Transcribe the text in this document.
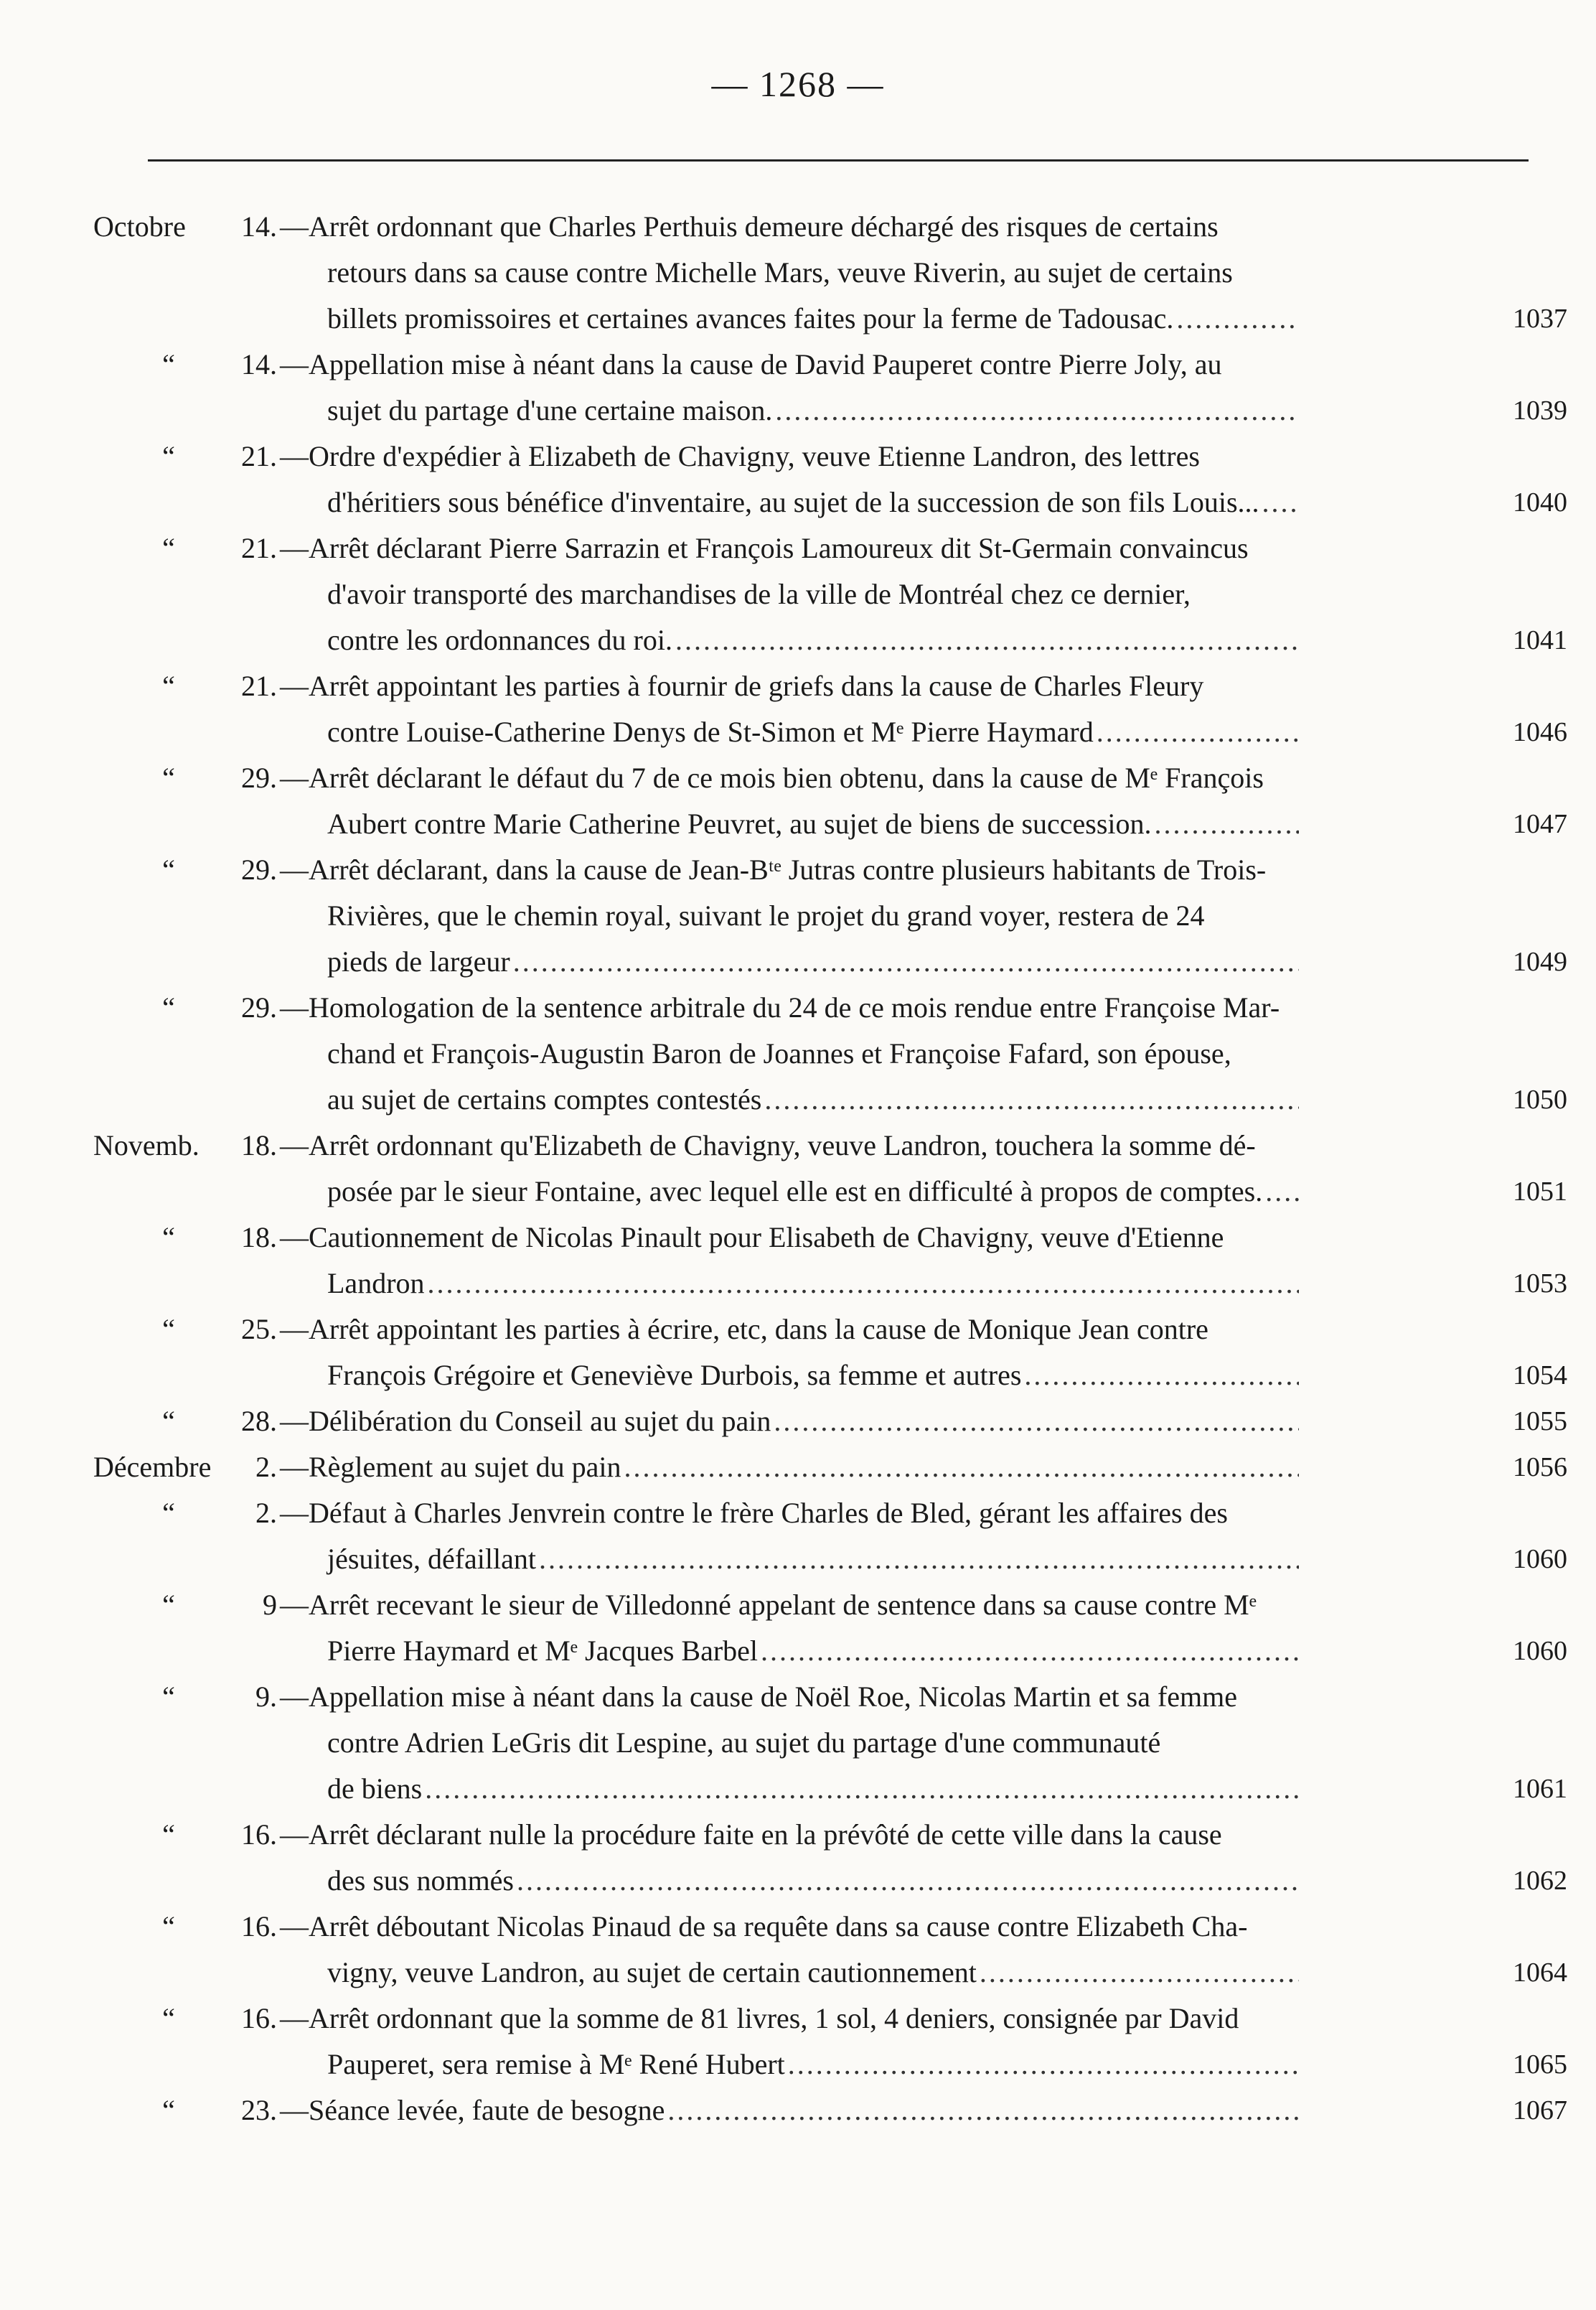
— 1268 —
Octobre	14. —Arrêt ordonnant que Charles Perthuis demeure déchargé des risques de certains
retours dans sa cause contre Michelle Mars, veuve Riverin, au sujet de certains
billets promissoires et certaines avances faites pour la ferme de Tadousac. .....	1037
“	14. —Appellation mise à néant dans la cause de David Pauperet contre Pierre Joly, au
sujet du partage d'une certaine maison. .....	1039
“	21. —Ordre d'expédier à Elizabeth de Chavigny, veuve Etienne Landron, des lettres
d'héritiers sous bénéfice d'inventaire, au sujet de la succession de son fils Louis... .....	1040
“	21. —Arrêt déclarant Pierre Sarrazin et François Lamoureux dit St-Germain convaincus
d'avoir transporté des marchandises de la ville de Montréal chez ce dernier,
contre les ordonnances du roi. .....	1041
“	21. —Arrêt appointant les parties à fournir de griefs dans la cause de Charles Fleury
contre Louise-Catherine Denys de St-Simon et Mᵉ Pierre Haymard .....	1046
“	29. —Arrêt déclarant le défaut du 7 de ce mois bien obtenu, dans la cause de Mᵉ François
Aubert contre Marie Catherine Peuvret, au sujet de biens de succession. .....	1047
“	29. —Arrêt déclarant, dans la cause de Jean-Bᵗᵉ Jutras contre plusieurs habitants de Trois-
Rivières, que le chemin royal, suivant le projet du grand voyer, restera de 24
pieds de largeur .....	1049
“	29. —Homologation de la sentence arbitrale du 24 de ce mois rendue entre Françoise Mar-
chand et François-Augustin Baron de Joannes et Françoise Fafard, son épouse,
au sujet de certains comptes contestés .....	1050
Novemb.	18. —Arrêt ordonnant qu'Elizabeth de Chavigny, veuve Landron, touchera la somme dé-
posée par le sieur Fontaine, avec lequel elle est en difficulté à propos de comptes. .....	1051
“	18. —Cautionnement de Nicolas Pinault pour Elisabeth de Chavigny, veuve d'Etienne
Landron .....	1053
“	25. —Arrêt appointant les parties à écrire, etc, dans la cause de Monique Jean contre
François Grégoire et Geneviève Durbois, sa femme et autres .....	1054
“	28. —Délibération du Conseil au sujet du pain .....	1055
Décembre	2. —Règlement au sujet du pain .....	1056
“	2. —Défaut à Charles Jenvrein contre le frère Charles de Bled, gérant les affaires des
jésuites, défaillant .....	1060
“	9 —Arrêt recevant le sieur de Villedonné appelant de sentence dans sa cause contre Mᵉ
Pierre Haymard et Mᵉ Jacques Barbel .....	1060
“	9. —Appellation mise à néant dans la cause de Noël Roe, Nicolas Martin et sa femme
contre Adrien LeGris dit Lespine, au sujet du partage d'une communauté
de biens .....	1061
“	16. —Arrêt déclarant nulle la procédure faite en la prévôté de cette ville dans la cause
des sus nommés .....	1062
“	16. —Arrêt déboutant Nicolas Pinaud de sa requête dans sa cause contre Elizabeth Cha-
vigny, veuve Landron, au sujet de certain cautionnement .....	1064
“	16. —Arrêt ordonnant que la somme de 81 livres, 1 sol, 4 deniers, consignée par David
Pauperet, sera remise à Mᵉ René Hubert .....	1065
“	23. —Séance levée, faute de besogne .....	1067
